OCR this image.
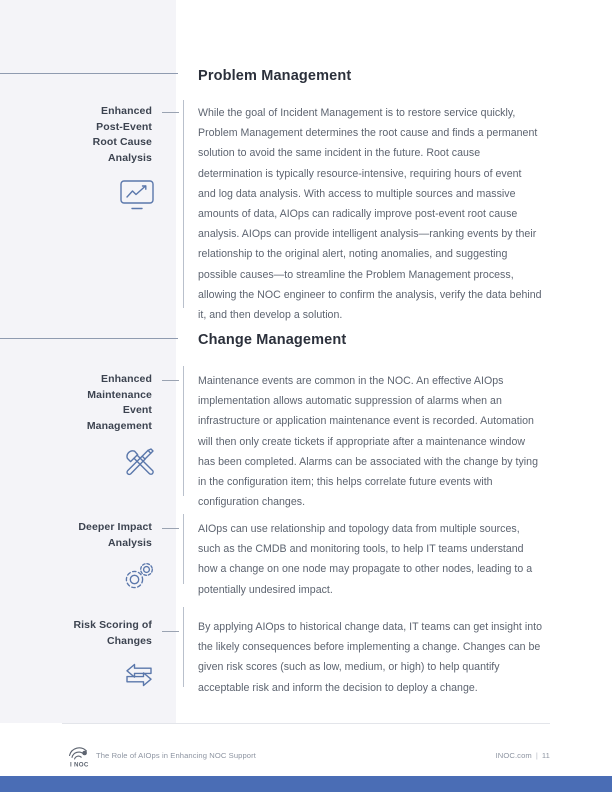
Problem Management
Enhanced
Post-Event
Root Cause
Analysis
While the goal of Incident Management is to restore service quickly, Problem Management determines the root cause and finds a permanent solution to avoid the same incident in the future. Root cause determination is typically resource-intensive, requiring hours of event and log data analysis. With access to multiple sources and massive amounts of data, AIOps can radically improve post-event root cause analysis. AIOps can provide intelligent analysis—ranking events by their relationship to the original alert, noting anomalies, and suggesting possible causes—to streamline the Problem Management process, allowing the NOC engineer to confirm the analysis, verify the data behind it, and then develop a solution.
Change Management
Enhanced
Maintenance
Event
Management
Maintenance events are common in the NOC. An effective AIOps implementation allows automatic suppression of alarms when an infrastructure or application maintenance event is recorded. Automation will then only create tickets if appropriate after a maintenance window has been completed. Alarms can be associated with the change by tying in the configuration item; this helps correlate future events with configuration changes.
Deeper Impact
Analysis
AIOps can use relationship and topology data from multiple sources, such as the CMDB and monitoring tools, to help IT teams understand how a change on one node may propagate to other nodes, leading to a potentially undesired impact.
Risk Scoring of
Changes
By applying AIOps to historical change data, IT teams can get insight into the likely consequences before implementing a change. Changes can be given risk scores (such as low, medium, or high) to help quantify acceptable risk and inform the decision to deploy a change.
I NOC
The Role of AIOps in Enhancing NOC Support	INOC.com | 11
